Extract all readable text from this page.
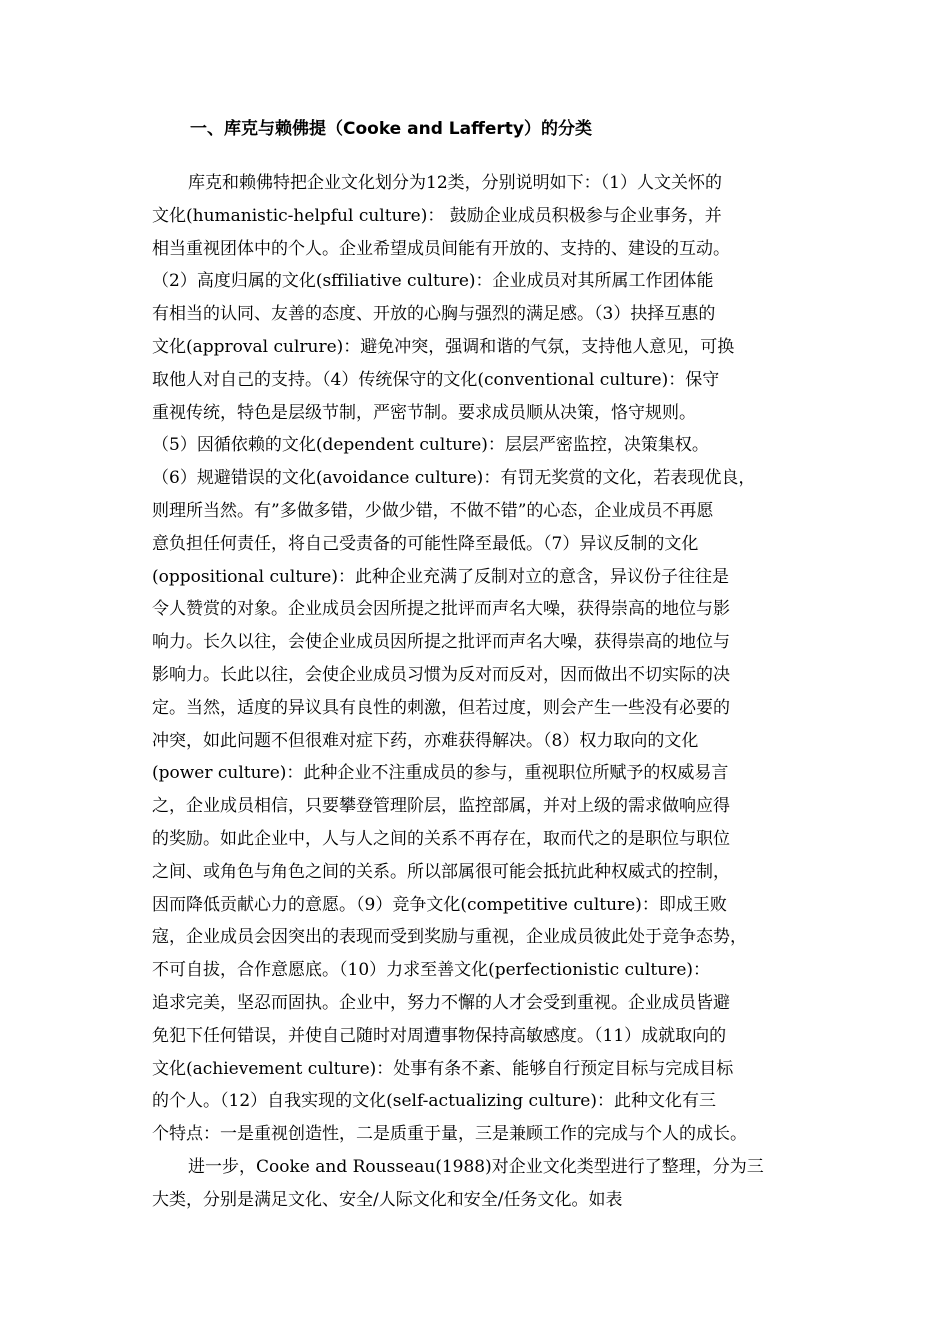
一、库克与赖佛提（Cooke and Lafferty）的分类
库克和赖佛特把企业文化划分为12类，分别说明如下：（1）人文关怀的
文化(humanistic-helpful culture)： 鼓励企业成员积极参与企业事务，并
相当重视团体中的个人。企业希望成员间能有开放的、支持的、建设的互动。
（2）高度归属的文化(sffiliative culture)：企业成员对其所属工作团体能
有相当的认同、友善的态度、开放的心胸与强烈的满足感。（3）抉择互惠的
文化(approval culrure)：避免冲突，强调和谐的气氛，支持他人意见，可换
取他人对自己的支持。（4）传统保守的文化(conventional culture)：保守
重视传统，特色是层级节制，严密节制。要求成员顺从决策，恪守规则。
（5）因循依赖的文化(dependent culture)：层层严密监控，决策集权。
（6）规避错误的文化(avoidance culture)：有罚无奖赏的文化，若表现优良，
则理所当然。有”多做多错，少做少错，不做不错”的心态，企业成员不再愿
意负担任何责任，将自己受责备的可能性降至最低。（7）异议反制的文化
(oppositional culture)：此种企业充满了反制对立的意含，异议份子往往是
令人赞赏的对象。企业成员会因所提之批评而声名大噪，获得崇高的地位与影
响力。长久以往，会使企业成员因所提之批评而声名大噪，获得崇高的地位与
影响力。长此以往，会使企业成员习惯为反对而反对，因而做出不切实际的决
定。当然，适度的异议具有良性的刺激，但若过度，则会产生一些没有必要的
冲突，如此问题不但很难对症下药，亦难获得解决。（8）权力取向的文化
(power culture)：此种企业不注重成员的参与，重视职位所赋予的权威易言
之，企业成员相信，只要攀登管理阶层，监控部属，并对上级的需求做响应得
的奖励。如此企业中，人与人之间的关系不再存在，取而代之的是职位与职位
之间、或角色与角色之间的关系。所以部属很可能会抵抗此种权威式的控制，
因而降低贡献心力的意愿。（9）竞争文化(competitive culture)：即成王败
寇，企业成员会因突出的表现而受到奖励与重视，企业成员彼此处于竞争态势，
不可自拔，合作意愿底。（10）力求至善文化(perfectionistic culture)：
追求完美，坚忍而固执。企业中，努力不懈的人才会受到重视。企业成员皆避
免犯下任何错误，并使自己随时对周遭事物保持高敏感度。（11）成就取向的
文化(achievement culture)：处事有条不紊、能够自行预定目标与完成目标
的个人。（12）自我实现的文化(self-actualizing culture)：此种文化有三
个特点：一是重视创造性，二是质重于量，三是兼顾工作的完成与个人的成长。
进一步，Cooke and Rousseau(1988)对企业文化类型进行了整理，分为三
大类，分别是满足文化、安全/人际文化和安全/任务文化。如表
